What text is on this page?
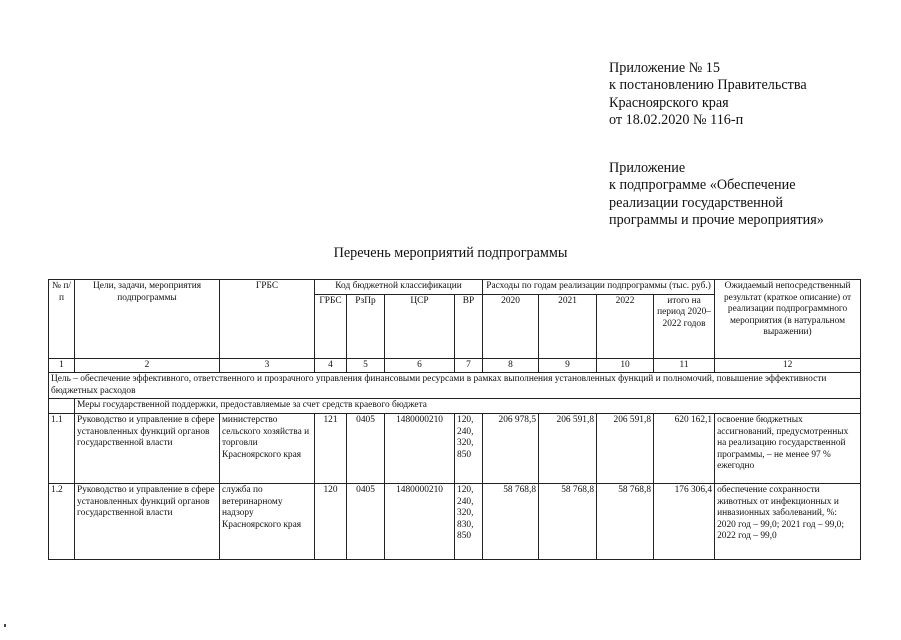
Приложение № 15
к постановлению Правительства
Красноярского края
от 18.02.2020 № 116-п
Приложение
к подпрограмме «Обеспечение
реализации государственной
программы и прочие мероприятия»
Перечень мероприятий подпрограммы
№ п/п	Цели, задачи, мероприятия подпрограммы	ГРБС	Код бюджетной классификации				Расходы по годам реализации подпрограммы (тыс. руб.)				Ожидаемый непосредственный результат (краткое описание) от реализации подпрограммного мероприятия (в натуральном выражении)
			ГРБС	РзПр	ЦСР	ВР	2020	2021	2022	итого на период 2020–2022 годов	
1	2	3	4	5	6	7	8	9	10	11	12
Цель – обеспечение эффективного, ответственного и прозрачного управления финансовыми ресурсами в рамках выполнения установленных функций и полномочий, повышение эффективности бюджетных расходов											
	Меры государственной поддержки, предоставляемые за счет средств краевого бюджета										
1.1	Руководство и управление в сфере установленных функций органов государственной власти	министерство сельского хозяйства и торговли Красноярского края	121	0405	1480000210	120, 240, 320, 850	206 978,5	206 591,8	206 591,8	620 162,1	освоение бюджетных ассигнований, предусмотренных на реализацию государственной программы, – не менее 97 % ежегодно
1.2	Руководство и управление в сфере установленных функций органов государственной власти	служба по ветеринарному надзору Красноярского края	120	0405	1480000210	120, 240, 320, 830, 850	58 768,8	58 768,8	58 768,8	176 306,4	обеспечение сохранности животных от инфекционных и инвазионных заболеваний, %: 2020 год – 99,0; 2021 год – 99,0; 2022 год – 99,0
